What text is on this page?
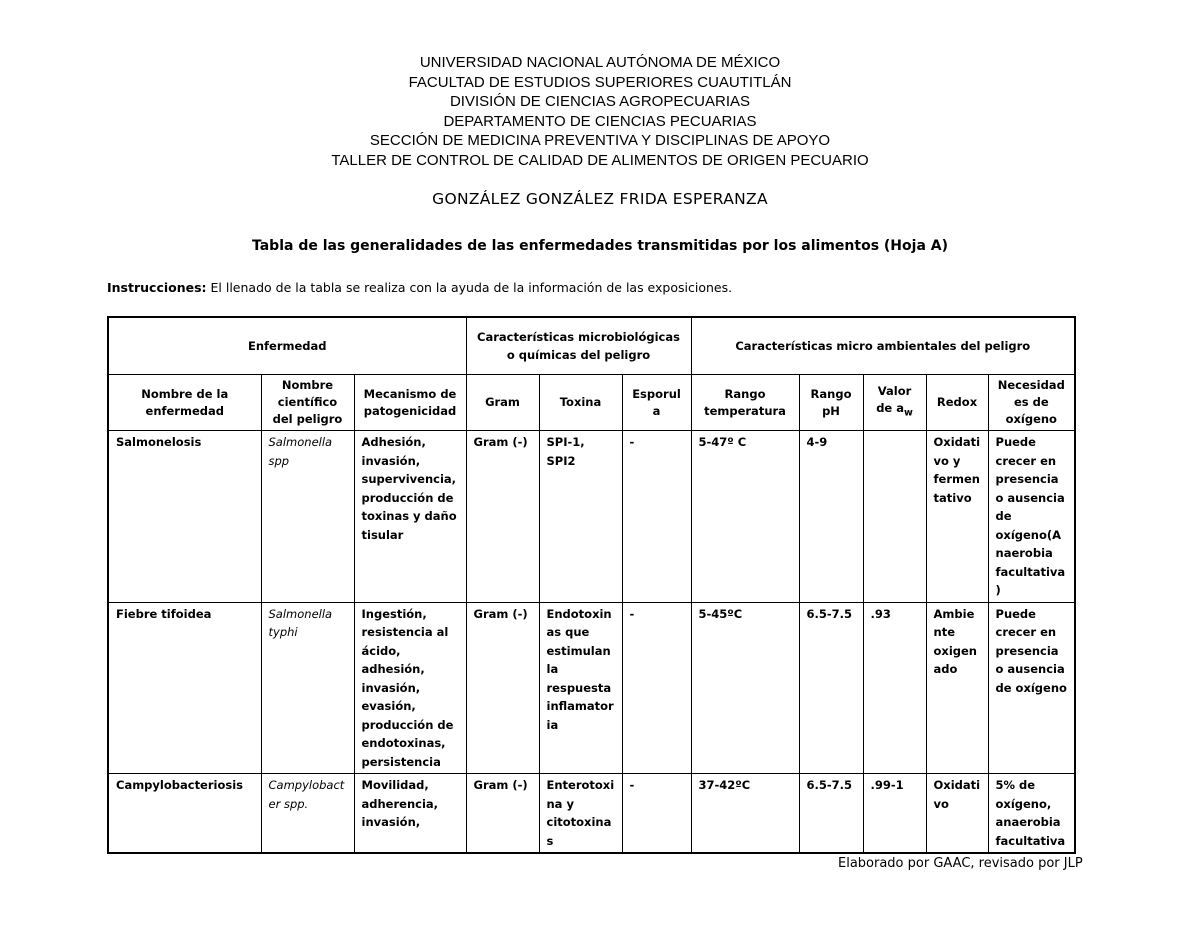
UNIVERSIDAD NACIONAL AUTÓNOMA DE MÉXICO
FACULTAD DE ESTUDIOS SUPERIORES CUAUTITLÁN
DIVISIÓN DE CIENCIAS AGROPECUARIAS
DEPARTAMENTO DE CIENCIAS PECUARIAS
SECCIÓN DE MEDICINA PREVENTIVA Y DISCIPLINAS DE APOYO
TALLER DE CONTROL DE CALIDAD DE ALIMENTOS DE ORIGEN PECUARIO
GONZÁLEZ GONZÁLEZ FRIDA ESPERANZA
Tabla de las generalidades de las enfermedades transmitidas por los alimentos (Hoja A)
Instrucciones: El llenado de la tabla se realiza con la ayuda de la información de las exposiciones.
Enfermedad			Características microbiológicas o químicas del peligro			Características micro ambientales del peligro				
Nombre de la enfermedad	Nombre científico del peligro	Mecanismo de patogenicidad	Gram	Toxina	Esporula	Rango temperatura	Rango pH	Valor de $a_w$	Redox	Necesidad es de oxígeno
Salmonelosis	Salmonella spp	Adhesión, invasión, supervivencia, producción de toxinas y daño tisular	Gram (-)	SPI-1, SPI2	-	5-47º C	4-9		Oxidativo y fermentativo	Puede crecer en presencia o ausencia de oxígeno(Anaerobia facultativa)
Fiebre tifoidea	Salmonella typhi	Ingestión, resistencia al ácido, adhesión, invasión, evasión, producción de endotoxinas, persistencia	Gram (-)	Endotoxinas que estimulan la respuesta inflamatoria	-	5-45ºC	6.5-7.5	.93	Ambiente oxigenado	Puede crecer en presencia o ausencia de oxígeno
Campylobacteriosis	Campylobacter spp.	Movilidad, adherencia, invasión,	Gram (-)	Enterotoxina y citotoxinas	-	37-42ºC	6.5-7.5	.99-1	Oxidativo	5% de oxígeno, anaerobia facultativa
Elaborado por GAAC, revisado por JLP
